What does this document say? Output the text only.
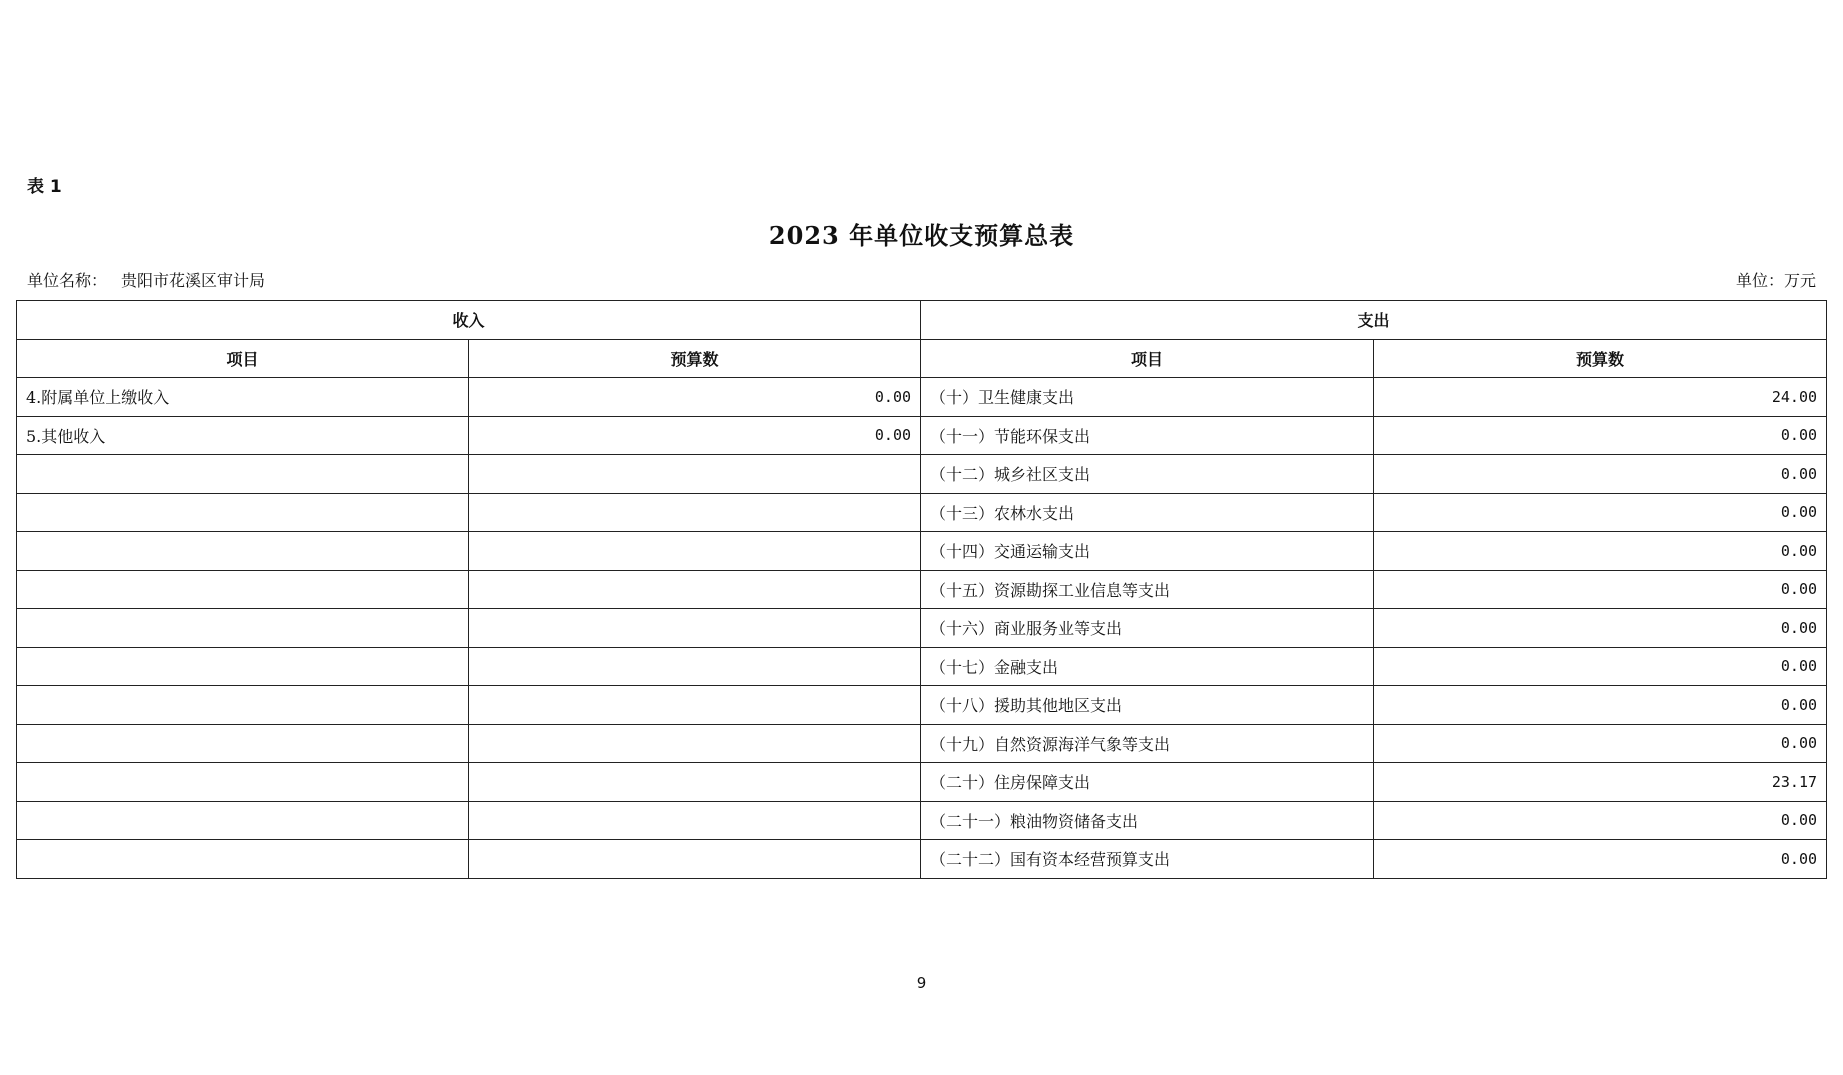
表 1
2023 年单位收支预算总表
单位名称： 贵阳市花溪区审计局	单位：万元
收入		支出	
项目	预算数	项目	预算数
4.附属单位上缴收入	0.00	（十）卫生健康支出	24.00
5.其他收入	0.00	（十一）节能环保支出	0.00
		（十二）城乡社区支出	0.00
		（十三）农林水支出	0.00
		（十四）交通运输支出	0.00
		（十五）资源勘探工业信息等支出	0.00
		（十六）商业服务业等支出	0.00
		（十七）金融支出	0.00
		（十八）援助其他地区支出	0.00
		（十九）自然资源海洋气象等支出	0.00
		（二十）住房保障支出	23.17
		（二十一）粮油物资储备支出	0.00
		（二十二）国有资本经营预算支出	0.00
9
